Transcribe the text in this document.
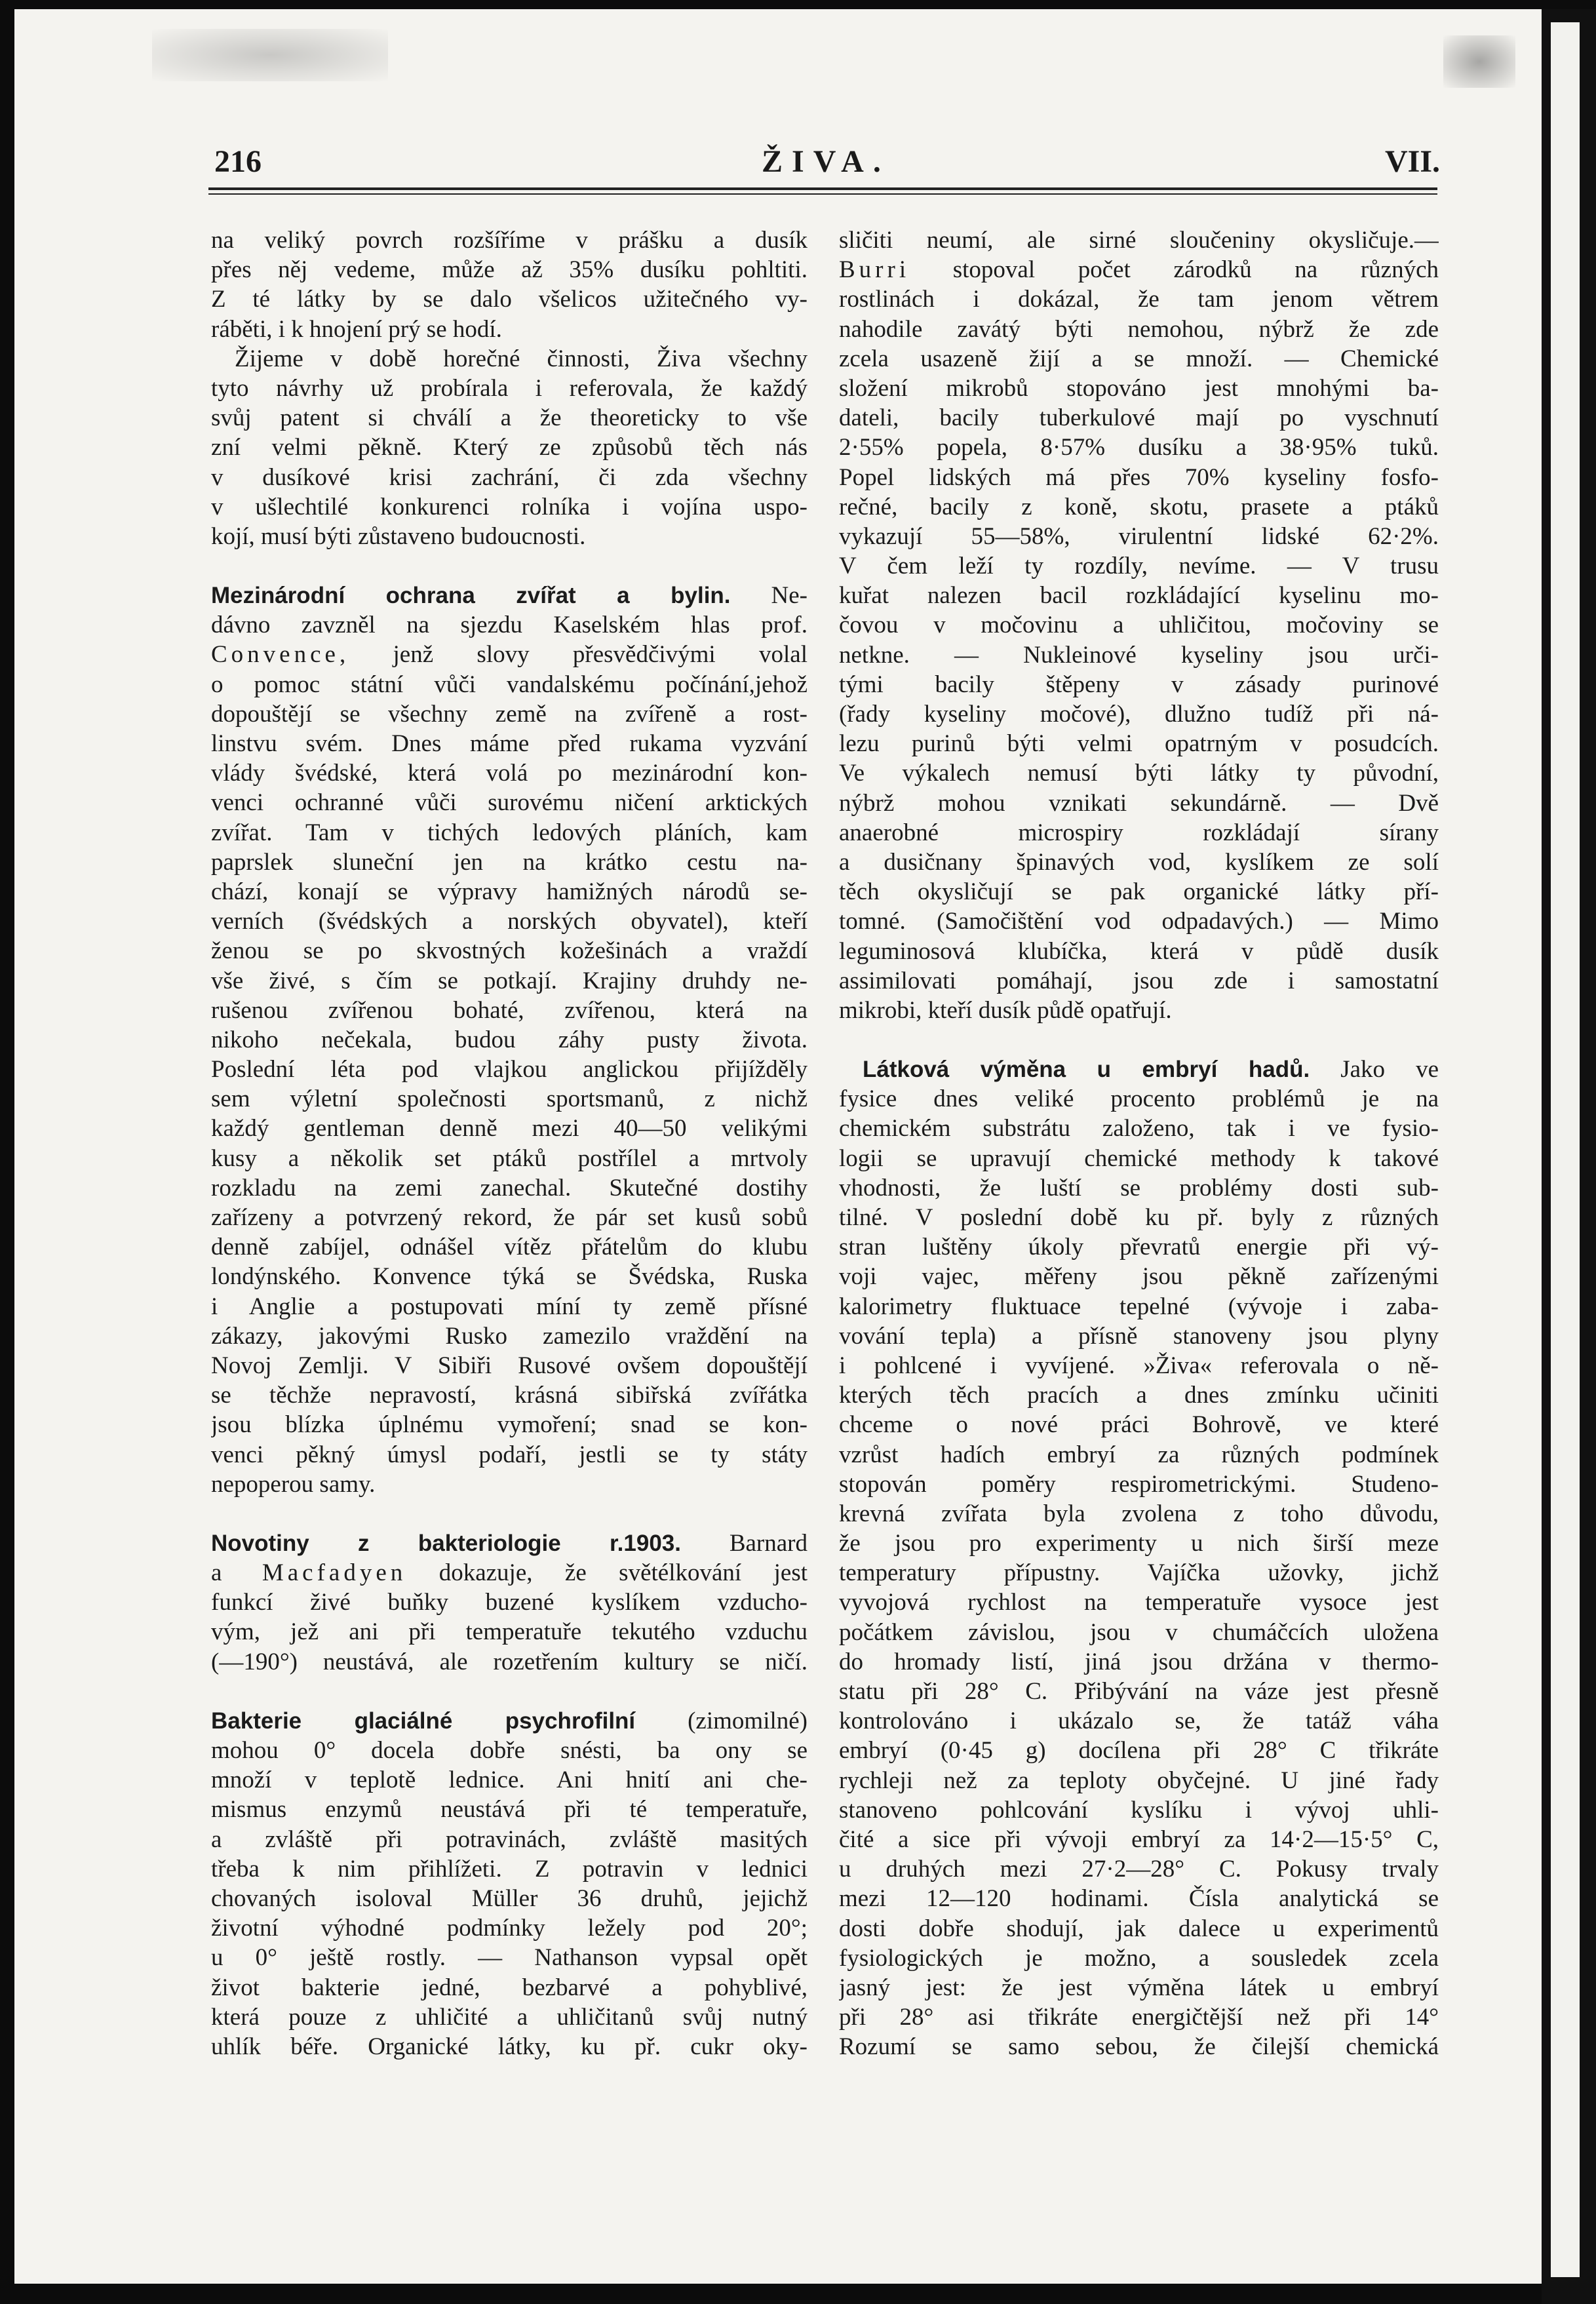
216	ŽIVA.	VII.
na veliký povrch rozšíříme v prášku a dusík
přes něj vedeme, může až 35% dusíku pohltiti.
Z té látky by se dalo všelicos užitečného vy-
ráběti, i k hnojení prý se hodí.
Žijeme v době horečné činnosti, Živa všechny
tyto návrhy už probírala i referovala, že každý
svůj patent si chválí a že theoreticky to vše
zní velmi pěkně. Který ze způsobů těch nás
v dusíkové krisi zachrání, či zda všechny
v ušlechtilé konkurenci rolníka i vojína uspo-
kojí, musí býti zůstaveno budoucnosti.
Mezinárodní ochrana zvířat a bylin. Ne-
dávno zavzněl na sjezdu Kaselském hlas prof.
Convence, jenž slovy přesvědčivými volal
o pomoc státní vůči vandalskému počínání,jehož
dopouštějí se všechny země na zvířeně a rost-
linstvu svém. Dnes máme před rukama vyzvání
vlády švédské, která volá po mezinárodní kon-
venci ochranné vůči surovému ničení arktických
zvířat. Tam v tichých ledových pláních, kam
paprslek sluneční jen na krátko cestu na-
chází, konají se výpravy hamižných národů se-
verních (švédských a norských obyvatel), kteří
ženou se po skvostných kožešinách a vraždí
vše živé, s čím se potkají. Krajiny druhdy ne-
rušenou zvířenou bohaté, zvířenou, která na
nikoho nečekala, budou záhy pusty života.
Poslední léta pod vlajkou anglickou přijížděly
sem výletní společnosti sportsmanů, z nichž
každý gentleman denně mezi 40—50 velikými
kusy a několik set ptáků postřílel a mrtvoly
rozkladu na zemi zanechal. Skutečné dostihy
zařízeny a potvrzený rekord, že pár set kusů sobů
denně zabíjel, odnášel vítěz přátelům do klubu
londýnského. Konvence týká se Švédska, Ruska
i Anglie a postupovati míní ty země přísné
zákazy, jakovými Rusko zamezilo vraždění na
Novoj Zemlji. V Sibiři Rusové ovšem dopouštějí
se těchže nepravostí, krásná sibiřská zvířátka
jsou blízka úplnému vymoření; snad se kon-
venci pěkný úmysl podaří, jestli se ty státy
nepoperou samy.
Novotiny z bakteriologie r.1903. Barnard
a Macfadyen dokazuje, že světélkování jest
funkcí živé buňky buzené kyslíkem vzducho-
vým, jež ani při temperatuře tekutého vzduchu
(—190°) neustává, ale rozetřením kultury se ničí.
Bakterie glaciálné psychrofilní (zimomilné)
mohou 0° docela dobře snésti, ba ony se
množí v teplotě lednice. Ani hnití ani che-
mismus enzymů neustává při té temperatuře,
a zvláště při potravinách, zvláště masitých
třeba k nim přihlížeti. Z potravin v lednici
chovaných isoloval Müller 36 druhů, jejichž
životní výhodné podmínky ležely pod 20°;
u 0° ještě rostly. — Nathanson vypsal opět
život bakterie jedné, bezbarvé a pohyblivé,
která pouze z uhličité a uhličitanů svůj nutný
uhlík béře. Organické látky, ku př. cukr oky-
sličiti neumí, ale sirné sloučeniny okysličuje.—
Burri stopoval počet zárodků na různých
rostlinách i dokázal, že tam jenom větrem
nahodile zavátý býti nemohou, nýbrž že zde
zcela usazeně žijí a se množí. — Chemické
složení mikrobů stopováno jest mnohými ba-
dateli, bacily tuberkulové mají po vyschnutí
2·55% popela, 8·57% dusíku a 38·95% tuků.
Popel lidských má přes 70% kyseliny fosfo-
rečné, bacily z koně, skotu, prasete a ptáků
vykazují 55—58%, virulentní lidské 62·2%.
V čem leží ty rozdíly, nevíme. — V trusu
kuřat nalezen bacil rozkládající kyselinu mo-
čovou v močovinu a uhličitou, močoviny se
netkne. — Nukleinové kyseliny jsou urči-
tými bacily štěpeny v zásady purinové
(řady kyseliny močové), dlužno tudíž při ná-
lezu purinů býti velmi opatrným v posudcích.
Ve výkalech nemusí býti látky ty původní,
nýbrž mohou vznikati sekundárně. — Dvě
anaerobné microspiry rozkládají sírany
a dusičnany špinavých vod, kyslíkem ze solí
těch okysličují se pak organické látky pří-
tomné. (Samočištění vod odpadavých.) — Mimo
leguminosová klubíčka, která v půdě dusík
assimilovati pomáhají, jsou zde i samostatní
mikrobi, kteří dusík půdě opatřují.
Látková výměna u embryí hadů. Jako ve
fysice dnes veliké procento problémů je na
chemickém substrátu založeno, tak i ve fysio-
logii se upravují chemické methody k takové
vhodnosti, že luští se problémy dosti sub-
tilné. V poslední době ku př. byly z různých
stran luštěny úkoly převratů energie při vý-
voji vajec, měřeny jsou pěkně zařízenými
kalorimetry fluktuace tepelné (vývoje i zaba-
vování tepla) a přísně stanoveny jsou plyny
i pohlcené i vyvíjené. »Živa« referovala o ně-
kterých těch pracích a dnes zmínku učiniti
chceme o nové práci Bohrově, ve které
vzrůst hadích embryí za různých podmínek
stopován poměry respirometrickými. Studeno-
krevná zvířata byla zvolena z toho důvodu,
že jsou pro experimenty u nich širší meze
temperatury přípustny. Vajíčka užovky, jichž
vyvojová rychlost na temperatuře vysoce jest
počátkem závislou, jsou v chumáčcích uložena
do hromady listí, jiná jsou držána v thermo-
statu při 28° C. Přibývání na váze jest přesně
kontrolováno i ukázalo se, že tatáž váha
embryí (0·45 g) docílena při 28° C třikráte
rychleji než za teploty obyčejné. U jiné řady
stanoveno pohlcování kyslíku i vývoj uhli-
čité a sice při vývoji embryí za 14·2—15·5° C,
u druhých mezi 27·2—28° C. Pokusy trvaly
mezi 12—120 hodinami. Čísla analytická se
dosti dobře shodují, jak dalece u experimentů
fysiologických je možno, a sousledek zcela
jasný jest: že jest výměna látek u embryí
při 28° asi třikráte energičtější než při 14°
Rozumí se samo sebou, že čilejší chemická
